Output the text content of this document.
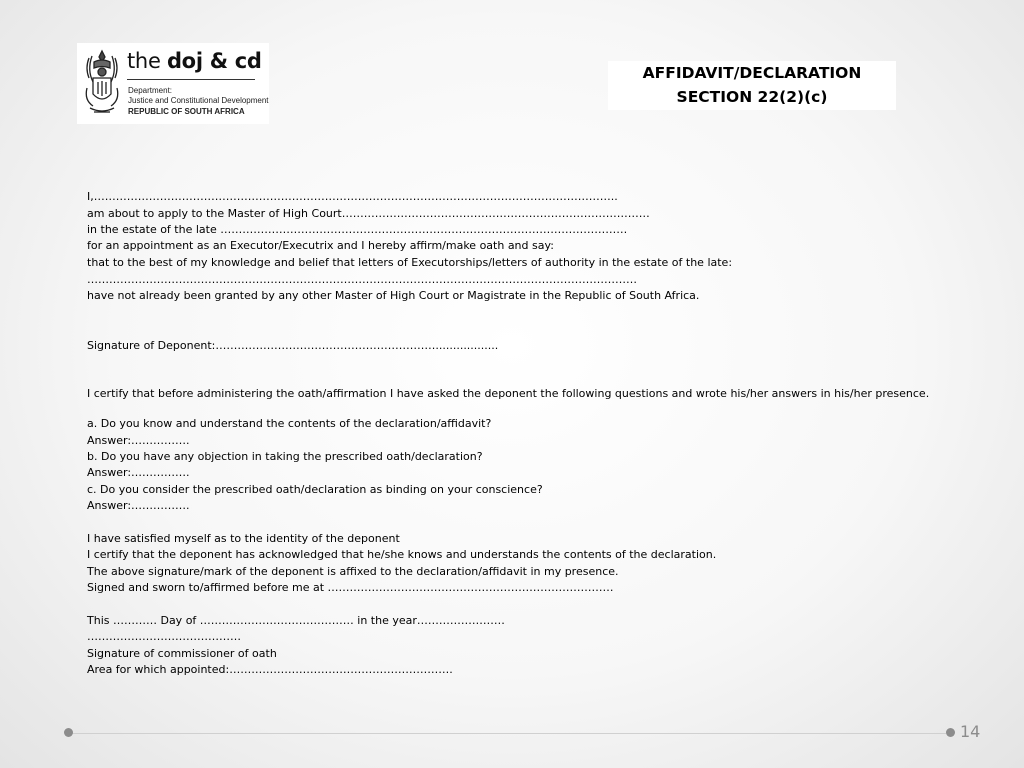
the doj & cd
Department:
Justice and Constitutional Development
REPUBLIC OF SOUTH AFRICA
AFFIDAVIT/DECLARATION
SECTION 22(2)(c)
I,……………………………………………………………………………………………………………………………..
am about to apply to the Master of High Court…………………………………………………………………………
in the estate of the late …………………………………………………………………………………………………
for an appointment as an Executor/Executrix and I hereby affirm/make oath and say:
that to the best of my knowledge and belief that letters of Executorships/letters of authority in the estate of the late:
……………………………………………………………………………………………………………………………………
have not already been granted by any other Master of High Court or Magistrate in the Republic of South Africa.
Signature of Deponent:……………………………………………………..................
I certify that before administering the oath/affirmation I have asked the deponent the following questions and wrote his/her answers in his/her presence.
a. Do you know and understand the contents of the declaration/affidavit?
Answer:…………….
b. Do you have any objection in taking the prescribed oath/declaration?
Answer:…………….
c. Do you consider the prescribed oath/declaration as binding on your conscience?
Answer:…………….
I have satisfied myself as to the identity of the deponent
I certify that the deponent has acknowledged that he/she knows and understands the contents of the declaration.
The above signature/mark of the deponent is affixed to the declaration/affidavit in my presence.
Signed and sworn to/affirmed before me at ……………………………………………………………………
This ………… Day of …………………………………… in the year……………………
……………………………………
Signature of commissioner of oath
Area for which appointed:…………………………………………………….
14
